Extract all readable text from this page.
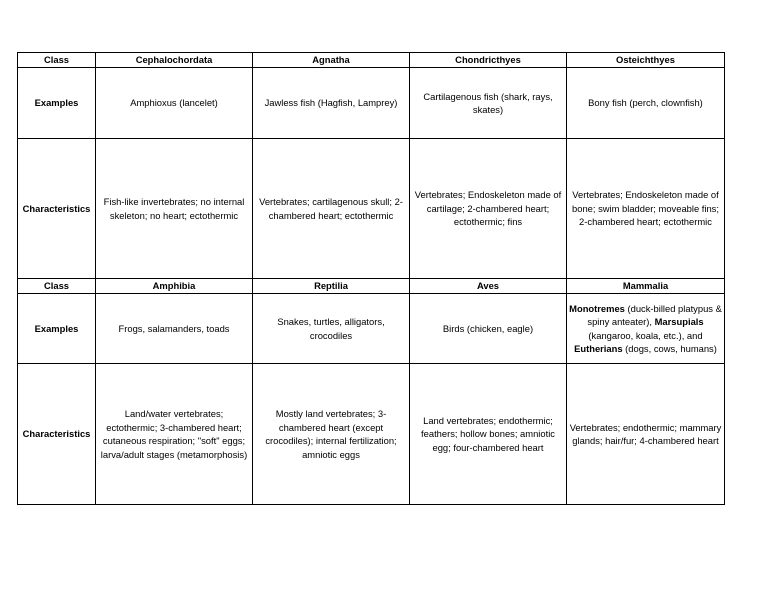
Class	Cephalochordata	Agnatha	Chondricthyes	Osteichthyes
Examples	Amphioxus (lancelet)	Jawless fish (Hagfish, Lamprey)	Cartilagenous fish (shark, rays, skates)	Bony fish (perch, clownfish)
Characteristics	Fish-like invertebrates; no internal skeleton; no heart; ectothermic	Vertebrates; cartilagenous skull; 2-chambered heart; ectothermic	Vertebrates; Endoskeleton made of cartilage; 2-chambered heart; ectothermic; fins	Vertebrates; Endoskeleton made of bone; swim bladder; moveable fins; 2-chambered heart; ectothermic
Class	Amphibia	Reptilia	Aves	Mammalia
Examples	Frogs, salamanders, toads	Snakes, turtles, alligators, crocodiles	Birds (chicken, eagle)	Monotremes (duck-billed platypus & spiny anteater), Marsupials (kangaroo, koala, etc.), and Eutherians (dogs, cows, humans)
Characteristics	Land/water vertebrates; ectothermic; 3-chambered heart; cutaneous respiration; "soft" eggs; larva/adult stages (metamorphosis)	Mostly land vertebrates; 3-chambered heart (except crocodiles); internal fertilization; amniotic eggs	Land vertebrates; endothermic; feathers; hollow bones; amniotic egg; four-chambered heart	Vertebrates; endothermic; mammary glands; hair/fur; 4-chambered heart
